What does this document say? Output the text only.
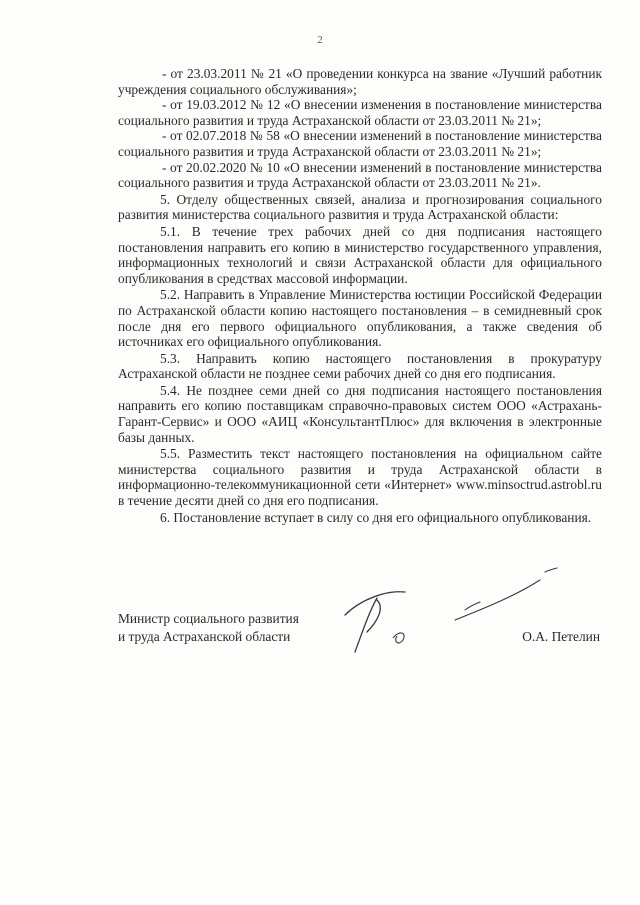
2

- от 23.03.2011 № 21 «О проведении конкурса на звание «Лучший работник учреждения социального обслуживания»;

- от 19.03.2012 № 12 «О внесении изменения в постановление министерства социального развития и труда Астраханской области от 23.03.2011 № 21»;

- от 02.07.2018 № 58 «О внесении изменений в постановление министерства социального развития и труда Астраханской области от 23.03.2011 № 21»;

- от 20.02.2020 № 10 «О внесении изменений в постановление министерства социального развития и труда Астраханской области от 23.03.2011 № 21».

5. Отделу общественных связей, анализа и прогнозирования социального развития министерства социального развития и труда Астраханской области:

5.1. В течение трех рабочих дней со дня подписания настоящего постановления направить его копию в министерство государственного управления, информационных технологий и связи Астраханской области для официального опубликования в средствах массовой информации.

5.2. Направить в Управление Министерства юстиции Российской Федерации по Астраханской области копию настоящего постановления – в семидневный срок после дня его первого официального опубликования, а также сведения об источниках его официального опубликования.

5.3. Направить копию настоящего постановления в прокуратуру Астраханской области не позднее семи рабочих дней со дня его подписания.

5.4. Не позднее семи дней со дня подписания настоящего постановления направить его копию поставщикам справочно-правовых систем ООО «Астрахань-Гарант-Сервис» и ООО «АИЦ «КонсультантПлюс» для включения в электронные базы данных.

5.5. Разместить текст настоящего постановления на официальном сайте министерства социального развития и труда Астраханской области в информационно-телекоммуникационной сети «Интернет» www.minsoctrud.astrobl.ru в течение десяти дней со дня его подписания.

6. Постановление вступает в силу со дня его официального опубликования.

Министр социального развития
и труда Астраханской области	О.А. Петелин
